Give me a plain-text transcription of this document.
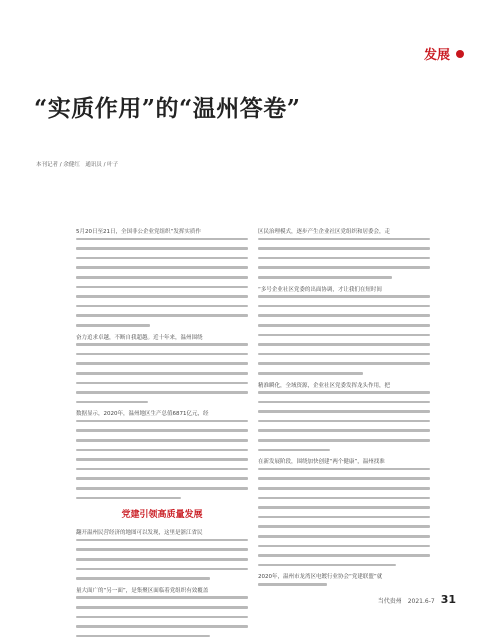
发展
“实质作用”的“温州答卷”
本刊记者 / 余健红　通讯员 / 叶子
5月20日至21日，全国非公企业党组织“发挥实质作
奋力追求卓越，不断自我超越。近十年来，温州围绕
数据显示，2020年，温州地区生产总值6871亿元，经
党建引领高质量发展
翻开温州民营经济的地图可以发现，这里是浙江省民
量大面广的“另一面”，是集聚区面临着党组织有效覆盖
区民治理模式，逐步产生企业社区党组织和居委会，走
“多号企业社区党委的出面协调，才让我们在短时间
精准瞬化，全域资源，企业社区党委发挥龙头作用，把
在新发展阶段，围绕加快创建“两个健康”，温州找准
2020年，温州市龙湾区电镀行业协会“党建联盟”就
当代贵州 2021.6-7 31
